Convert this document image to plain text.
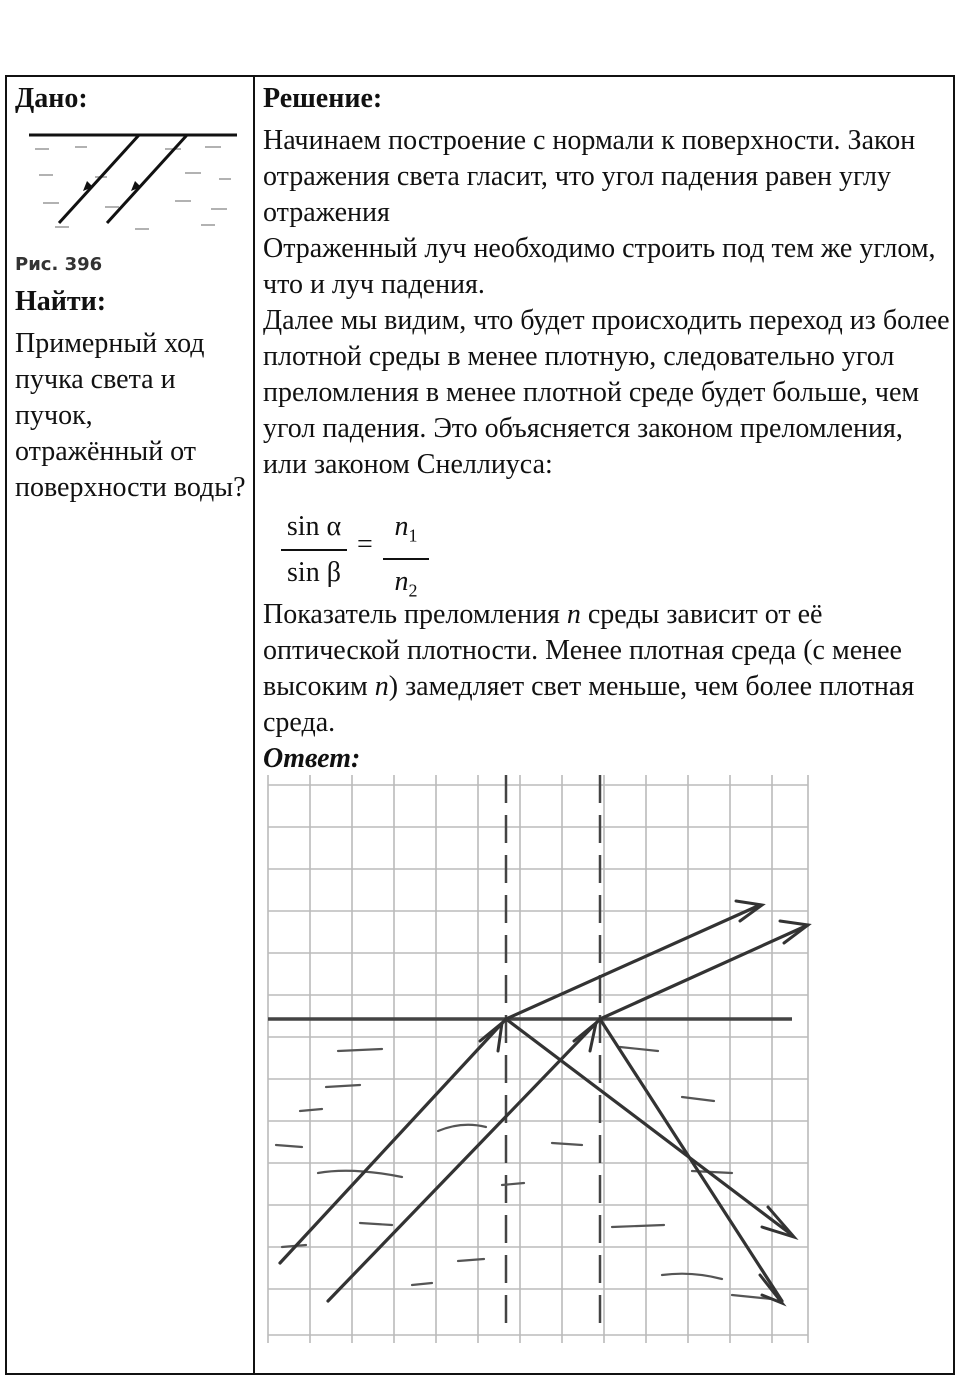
Дано:
Рис. 396
Найти:
Примерный ход пучка света и пучок, отражённый от поверхности воды?
Решение:
Начинаем построение с нормали к поверхности. Закон отражения света гласит, что угол падения равен углу отражения
Отраженный луч необходимо строить под тем же углом, что и луч падения.
Далее мы видим, что будет происходить переход из более плотной среды в менее плотную, следовательно угол преломления в менее плотной среде будет больше, чем угол падения. Это объясняется законом преломления, или законом Снеллиуса:
sin α
sin β
=
$n_1$
$n_2$
Показатель преломления n среды зависит от её оптической плотности. Менее плотная среда (с менее высоким n) замедляет свет меньше, чем более плотная среда.
Ответ:
